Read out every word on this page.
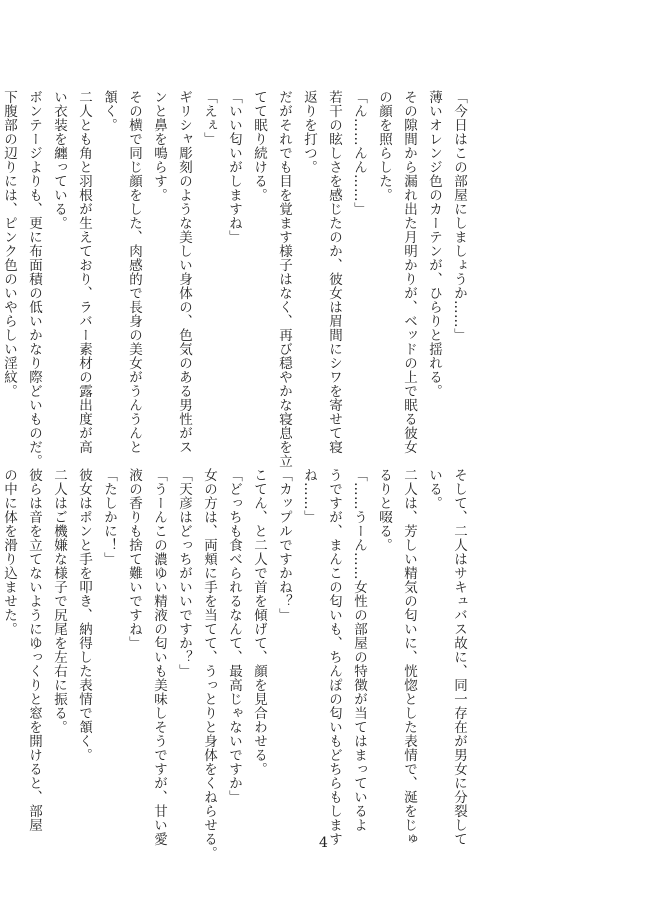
「今日はこの部屋にしましょうか……」
薄いオレンジ色のカーテンが、ひらりと揺れる。
その隙間から漏れ出た月明かりが、ベッドの上で眠る彼女
の顔を照らした。
「ん……んん……」
若干の眩しさを感じたのか、彼女は眉間にシワを寄せて寝
返りを打つ。
だがそれでも目を覚ます様子はなく、再び穏やかな寝息を立
てて眠り続ける。
「いい匂いがしますね」
「えぇ」
ギリシャ彫刻のような美しい身体の、色気のある男性がス
ンと鼻を鳴らす。
その横で同じ顔をした、肉感的で長身の美女がうんうんと
頷く。
二人とも角と羽根が生えており、ラバー素材の露出度が高
い衣装を纏っている。
ボンテージよりも、更に布面積の低いかなり際どいものだ。
下腹部の辺りには、ピンク色のいやらしい淫紋。
そして、二人はサキュバス故に、同一存在が男女に分裂して
いる。
二人は、芳しい精気の匂いに、恍惚とした表情で、涎をじゅ
るりと啜る。
「……うーん……女性の部屋の特徴が当てはまっているよ
うですが、まんこの匂いも、ちんぽの匂いもどちらもします
ね……」
「カップルですかね？」
こてん、と二人で首を傾げて、顔を見合わせる。
「どっちも食べられるなんて、最高じゃないですか」
女の方は、両頬に手を当てて、うっとりと身体をくねらせる。
「天彦はどっちがいいですか？」
「うーんこの濃ゆい精液の匂いも美味しそうですが、甘い愛
液の香りも捨て難いですね」
「たしかに！」
彼女はポンと手を叩き、納得した表情で頷く。
二人はご機嫌な様子で尻尾を左右に振る。
彼らは音を立てないようにゆっくりと窓を開けると、部屋
の中に体を滑り込ませた。
4
